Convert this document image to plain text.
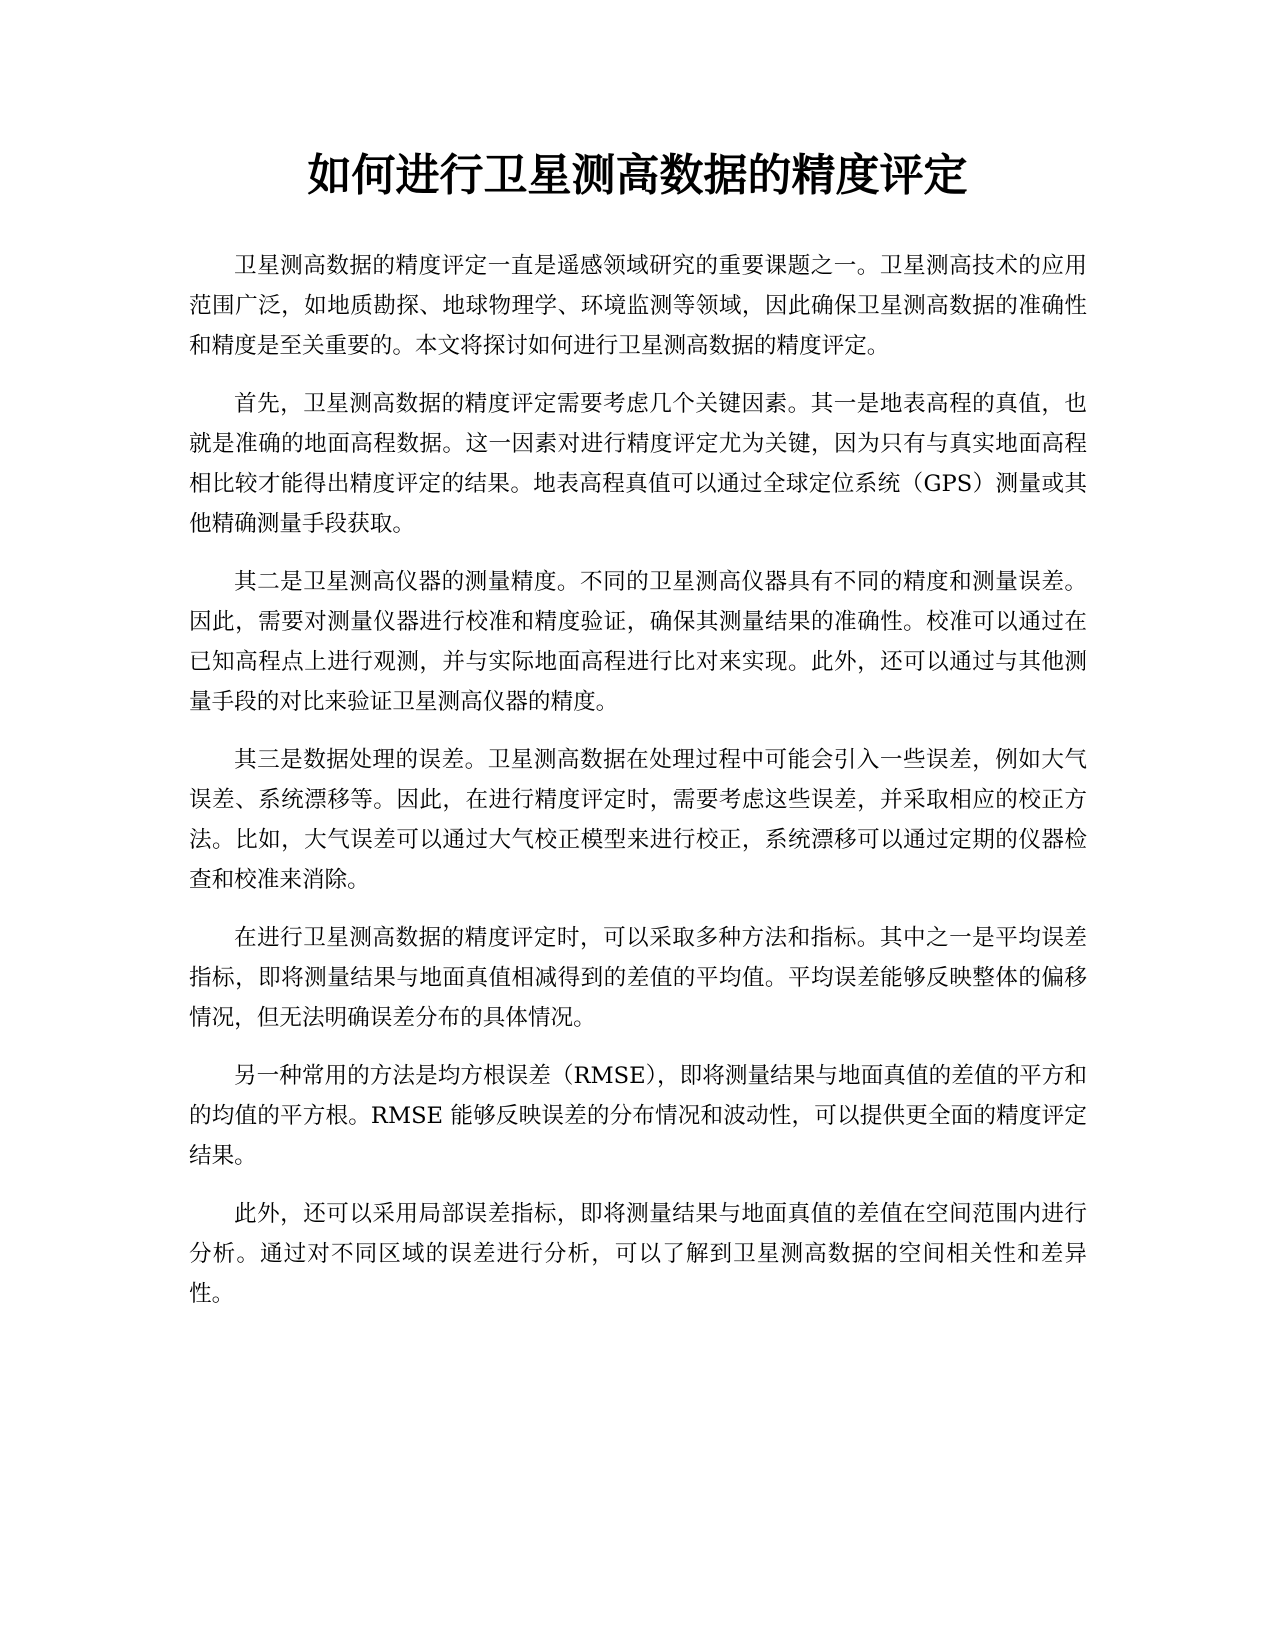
如何进行卫星测高数据的精度评定

卫星测高数据的精度评定一直是遥感领域研究的重要课题之一。卫星测高技术的应用范围广泛，如地质勘探、地球物理学、环境监测等领域，因此确保卫星测高数据的准确性和精度是至关重要的。本文将探讨如何进行卫星测高数据的精度评定。

首先，卫星测高数据的精度评定需要考虑几个关键因素。其一是地表高程的真值，也就是准确的地面高程数据。这一因素对进行精度评定尤为关键，因为只有与真实地面高程相比较才能得出精度评定的结果。地表高程真值可以通过全球定位系统（GPS）测量或其他精确测量手段获取。

其二是卫星测高仪器的测量精度。不同的卫星测高仪器具有不同的精度和测量误差。因此，需要对测量仪器进行校准和精度验证，确保其测量结果的准确性。校准可以通过在已知高程点上进行观测，并与实际地面高程进行比对来实现。此外，还可以通过与其他测量手段的对比来验证卫星测高仪器的精度。

其三是数据处理的误差。卫星测高数据在处理过程中可能会引入一些误差，例如大气误差、系统漂移等。因此，在进行精度评定时，需要考虑这些误差，并采取相应的校正方法。比如，大气误差可以通过大气校正模型来进行校正，系统漂移可以通过定期的仪器检查和校准来消除。

在进行卫星测高数据的精度评定时，可以采取多种方法和指标。其中之一是平均误差指标，即将测量结果与地面真值相减得到的差值的平均值。平均误差能够反映整体的偏移情况，但无法明确误差分布的具体情况。

另一种常用的方法是均方根误差（RMSE），即将测量结果与地面真值的差值的平方和的均值的平方根。RMSE 能够反映误差的分布情况和波动性，可以提供更全面的精度评定结果。

此外，还可以采用局部误差指标，即将测量结果与地面真值的差值在空间范围内进行分析。通过对不同区域的误差进行分析，可以了解到卫星测高数据的空间相关性和差异性。
